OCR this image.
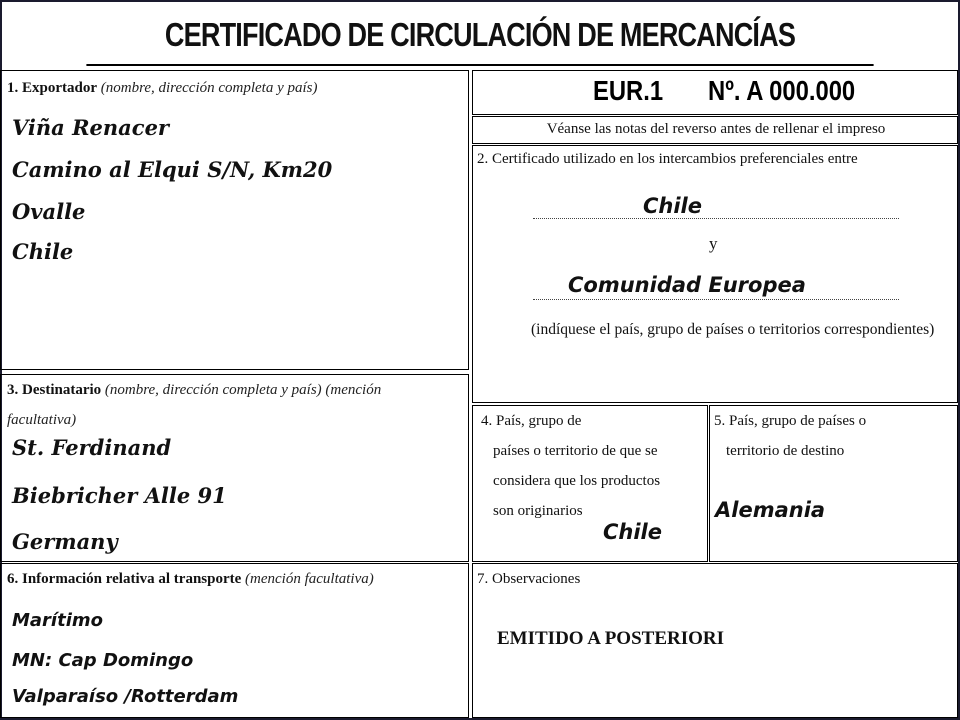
CERTIFICADO DE CIRCULACIÓN DE MERCANCÍAS
1. Exportador (nombre, dirección completa y país)
Viña Renacer
Camino al Elqui S/N, Km20
Ovalle
Chile
EUR.1 Nº. A 000.000
Véanse las notas del reverso antes de rellenar el impreso
2. Certificado utilizado en los intercambios preferenciales entre
Chile
y
Comunidad Europea
(indíquese el país, grupo de países o territorios correspondientes)
3. Destinatario (nombre, dirección completa y país) (mención
facultativa)
St. Ferdinand
Biebricher Alle 91
Germany
4. País, grupo de
países o territorio de que se
considera que los productos
son originarios
Chile
5. País, grupo de países o
territorio de destino
Alemania
6. Información relativa al transporte (mención facultativa)
Marítimo
MN: Cap Domingo
Valparaíso /Rotterdam
7. Observaciones
EMITIDO A POSTERIORI
